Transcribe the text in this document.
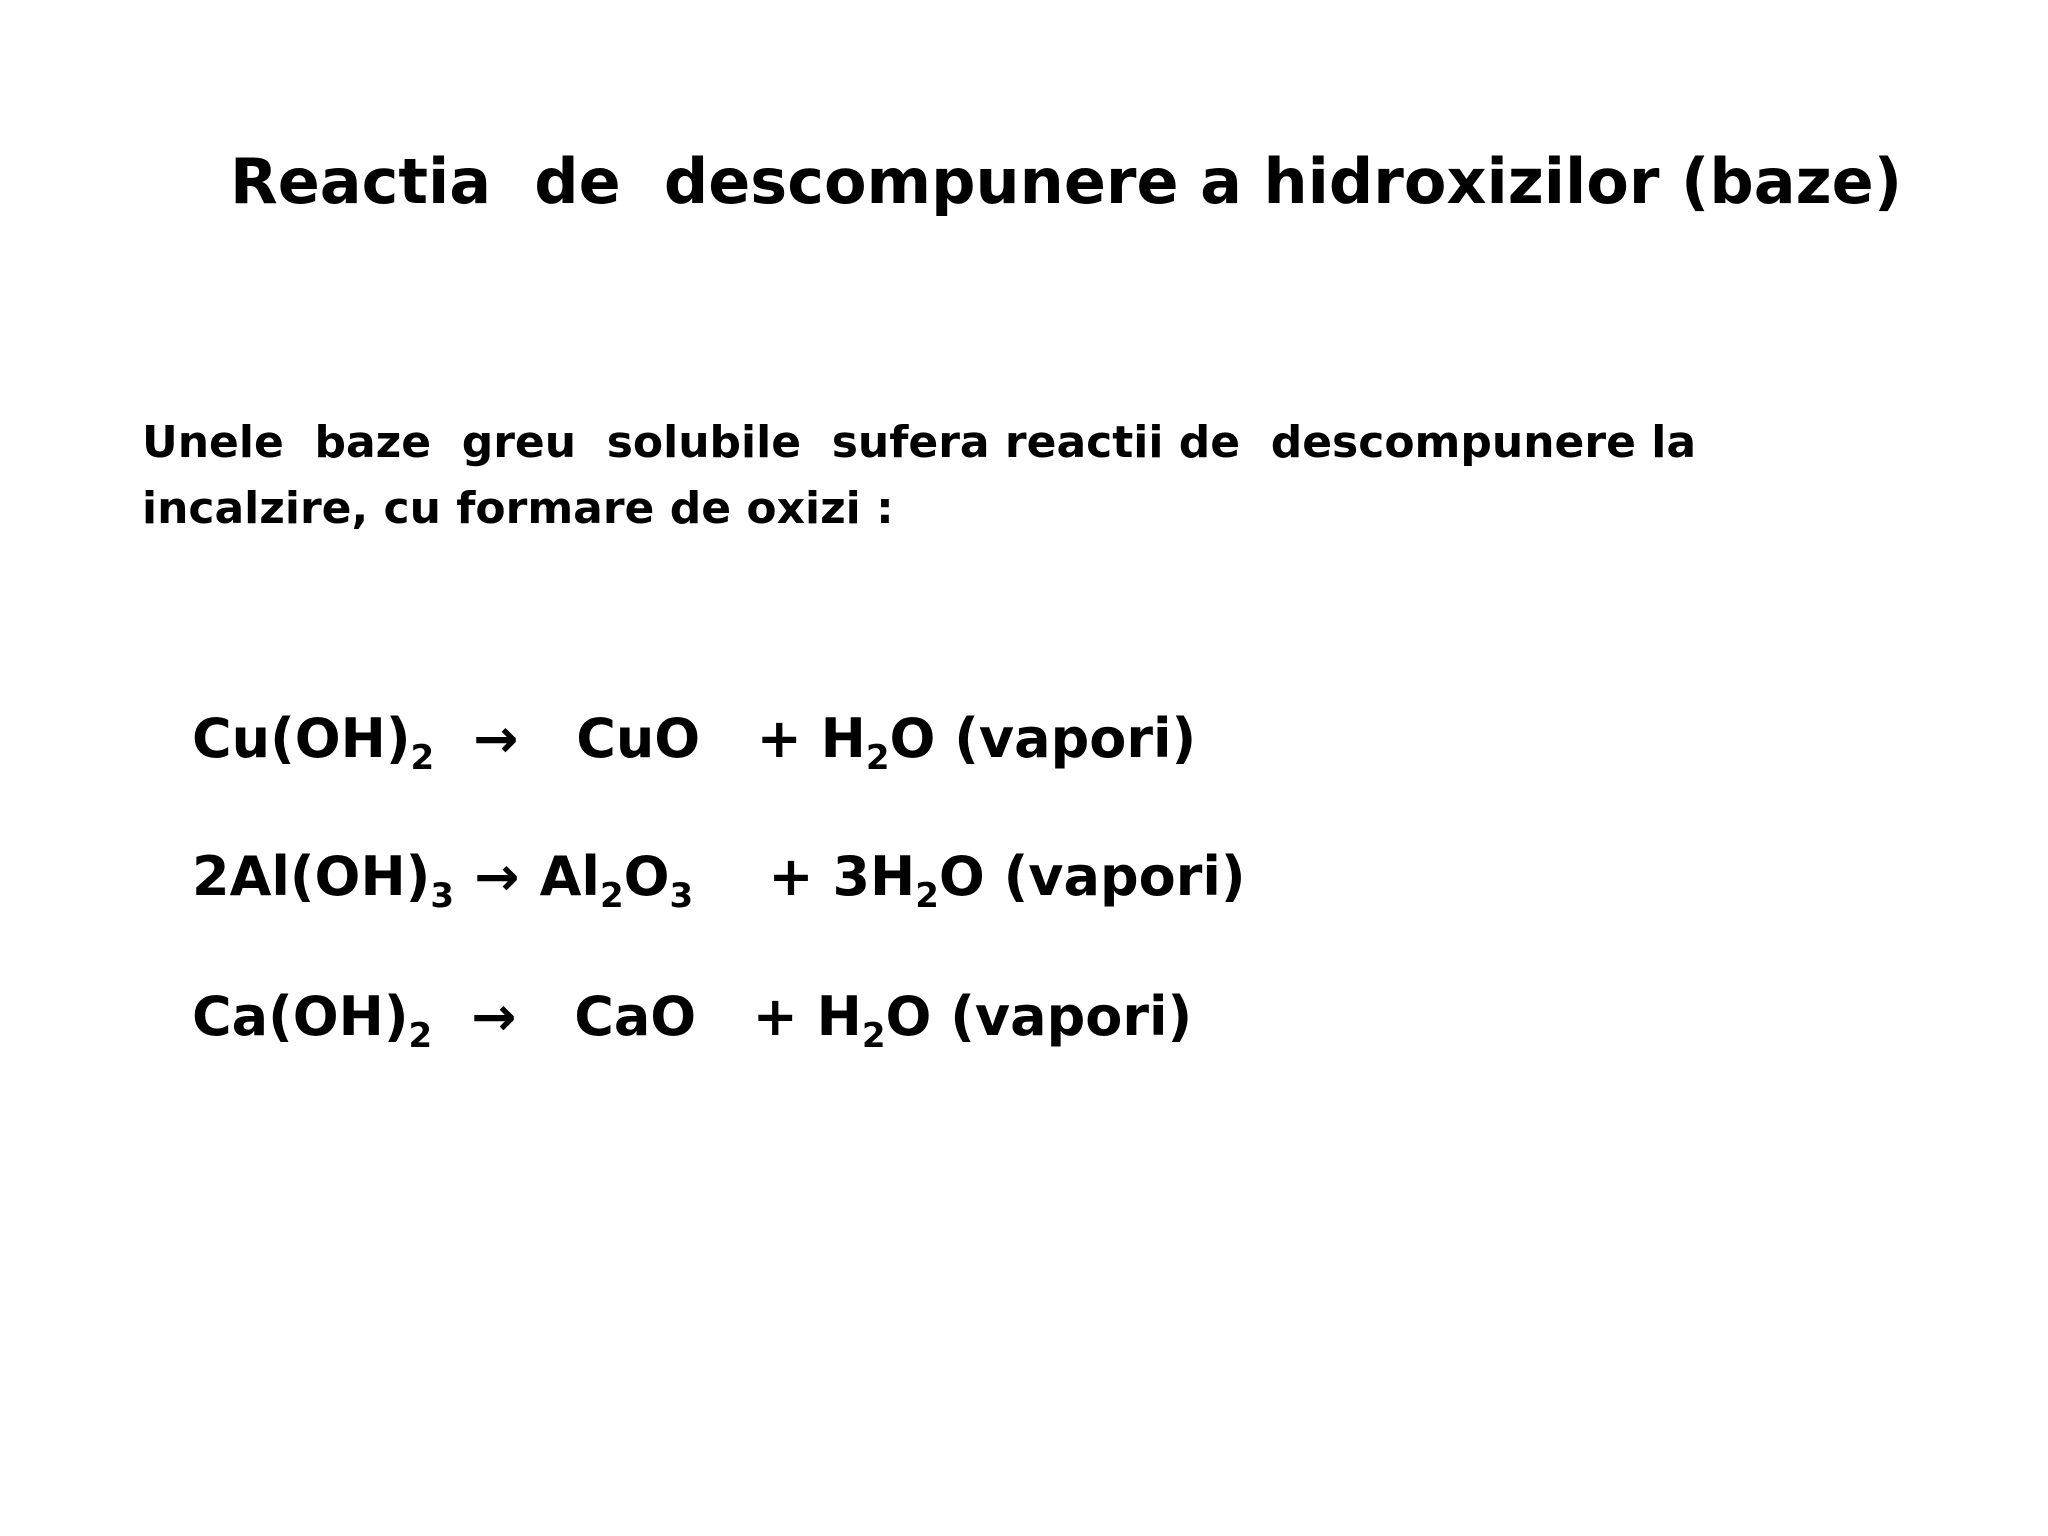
Reactia  de  descompunere a hidroxizilor (baze)

Unele  baze  greu  solubile  sufera reactii de  descompunere la
incalzire, cu formare de oxizi :

$Cu(OH)_2$ → CuO + $H_2O$ (vapori)

$2Al(OH)_3 \to Al_2O_3 + 3H_2O$ (vapori)

$Ca(OH)_2$ → CaO + $H_2O$ (vapori)
